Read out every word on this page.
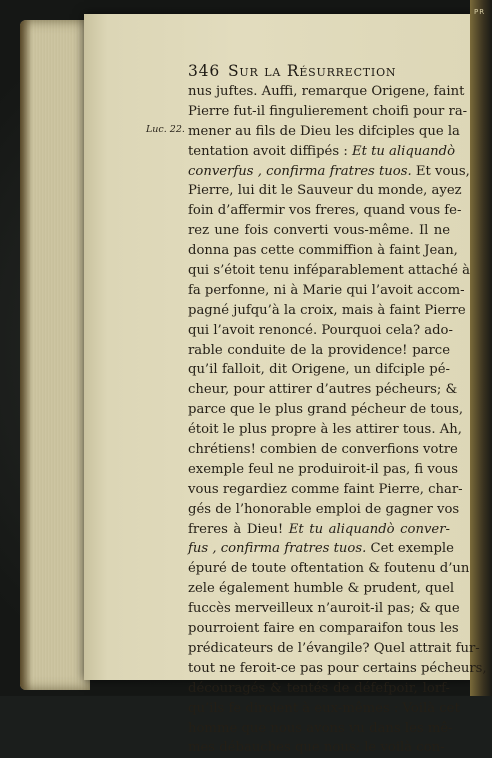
PR
346 Sur la Résurrection
Luc. 22.
nus juftes. Auffi, remarque Origene, faint
Pierre fut-il fingulierement choifi pour ra-
mener au fils de Dieu les difciples que la
tentation avoit diffipés : Et tu aliquandò
converfus , confirma fratres tuos. Et vous,
Pierre, lui dit le Sauveur du monde, ayez
foin d’affermir vos freres, quand vous fe-
rez une fois converti vous-même. Il ne
donna pas cette commiffion à faint Jean,
qui s’étoit tenu inféparablement attaché à
fa perfonne, ni à Marie qui l’avoit accom-
pagné jufqu’à la croix, mais à faint Pierre
qui l’avoit renoncé. Pourquoi cela? ado-
rable conduite de la providence! parce
qu’il falloit, dit Origene, un difciple pé-
cheur, pour attirer d’autres pécheurs; &
parce que le plus grand pécheur de tous,
étoit le plus propre à les attirer tous. Ah,
chrétiens! combien de converfions votre
exemple feul ne produiroit-il pas, fi vous
vous regardiez comme faint Pierre, char-
gés de l’honorable emploi de gagner vos
freres à Dieu! Et tu aliquandò conver-
fus , confirma fratres tuos. Cet exemple
épuré de toute oftentation & foutenu d’un
zele également humble & prudent, quel
fuccès merveilleux n’auroit-il pas; & que
pourroient faire en comparaifon tous les
prédicateurs de l’évangile? Quel attrait fur-
tout ne feroit-ce pas pour certains pécheurs,
découragés & tentés de défefpoir, lorf-
qu’ils fe diroient à eux-mêmes : Voilà cet
homme que nous avons vu dans les mê-
mes débauches que nous; le voilà con-
